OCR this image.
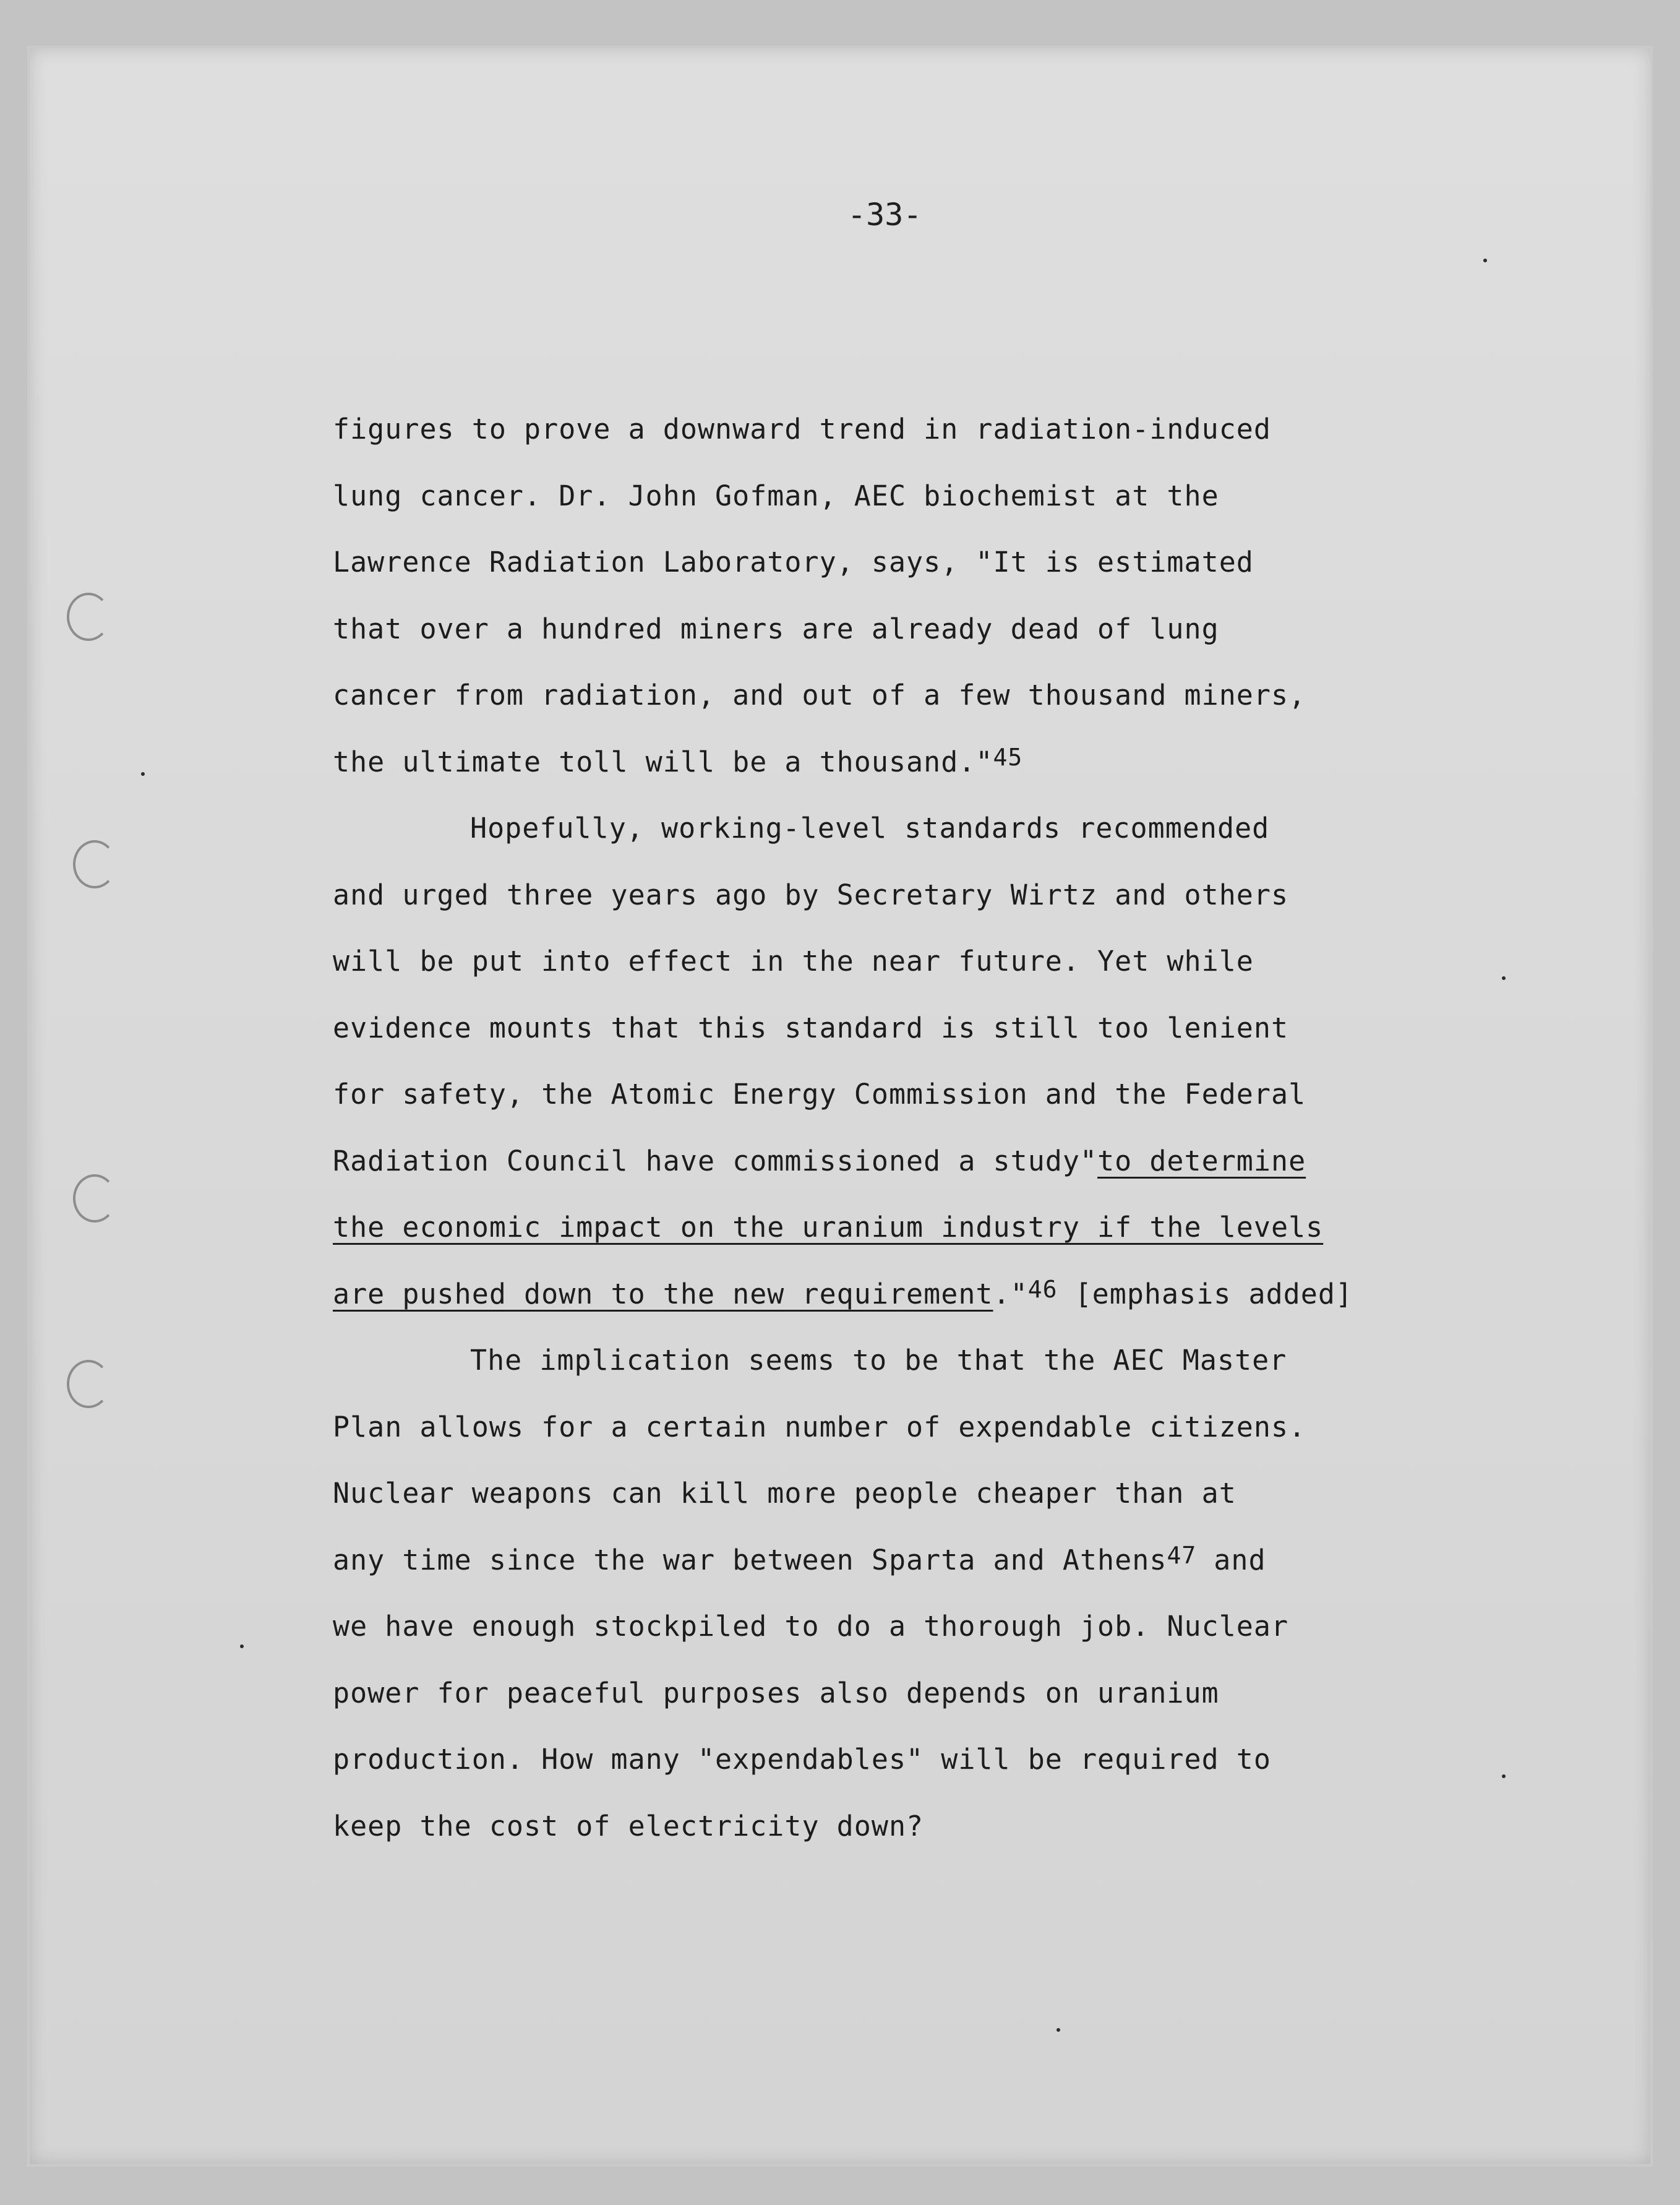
-33-
figures to prove a downward trend in radiation-induced
lung cancer. Dr. John Gofman, AEC biochemist at the
Lawrence Radiation Laboratory, says, "It is estimated
that over a hundred miners are already dead of lung
cancer from radiation, and out of a few thousand miners,
the ultimate toll will be a thousand."$^{45}$
Hopefully, working-level standards recommended
and urged three years ago by Secretary Wirtz and others
will be put into effect in the near future. Yet while
evidence mounts that this standard is still too lenient
for safety, the Atomic Energy Commission and the Federal
Radiation Council have commissioned a study"to determine
the economic impact on the uranium industry if the levels
are pushed down to the new requirement."$^{46}$ [emphasis added]
The implication seems to be that the AEC Master
Plan allows for a certain number of expendable citizens.
Nuclear weapons can kill more people cheaper than at
any time since the war between Sparta and Athens$^{47}$ and
we have enough stockpiled to do a thorough job. Nuclear
power for peaceful purposes also depends on uranium
production. How many "expendables" will be required to
keep the cost of electricity down?
